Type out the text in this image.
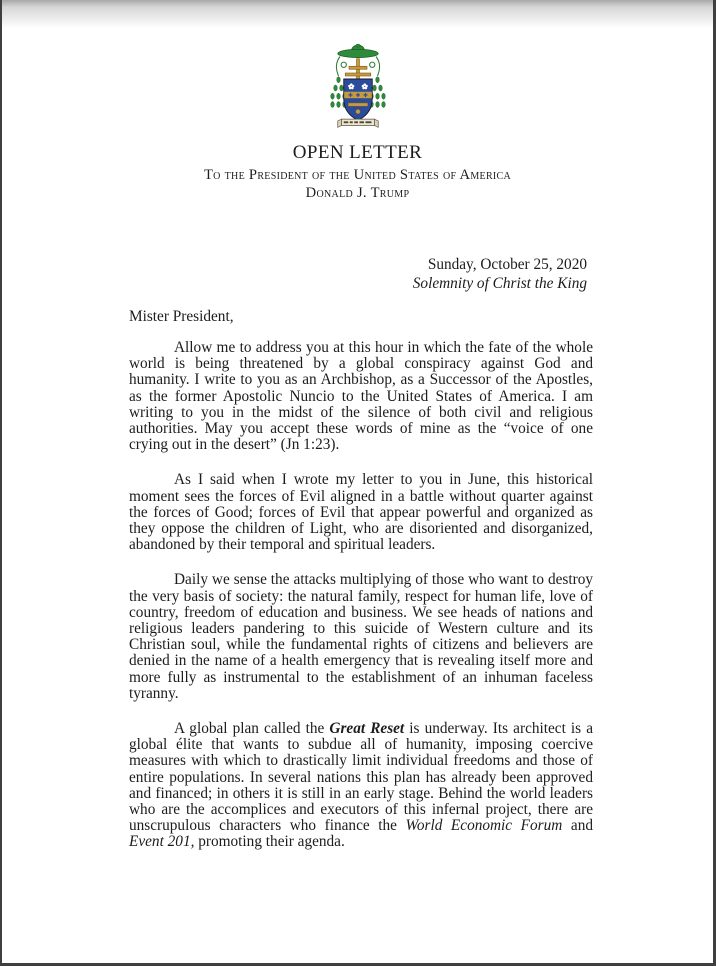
OPEN LETTER
To the President of the United States of America
Donald J. Trump
Sunday, October 25, 2020
Solemnity of Christ the King
Mister President,

Allow me to address you at this hour in which the fate of the whole world is being threatened by a global conspiracy against God and humanity. I write to you as an Archbishop, as a Successor of the Apostles, as the former Apostolic Nuncio to the United States of America. I am writing to you in the midst of the silence of both civil and religious authorities. May you accept these words of mine as the “voice of one crying out in the desert” (Jn 1:23).

As I said when I wrote my letter to you in June, this historical moment sees the forces of Evil aligned in a battle without quarter against the forces of Good; forces of Evil that appear powerful and organized as they oppose the children of Light, who are disoriented and disorganized, abandoned by their temporal and spiritual leaders.

Daily we sense the attacks multiplying of those who want to destroy the very basis of society: the natural family, respect for human life, love of country, freedom of education and business. We see heads of nations and religious leaders pandering to this suicide of Western culture and its Christian soul, while the fundamental rights of citizens and believers are denied in the name of a health emergency that is revealing itself more and more fully as instrumental to the establishment of an inhuman faceless tyranny.

A global plan called the Great Reset is underway. Its architect is a global élite that wants to subdue all of humanity, imposing coercive measures with which to drastically limit individual freedoms and those of entire populations. In several nations this plan has already been approved and financed; in others it is still in an early stage. Behind the world leaders who are the accomplices and executors of this infernal project, there are unscrupulous characters who finance the World Economic Forum and Event 201, promoting their agenda.
